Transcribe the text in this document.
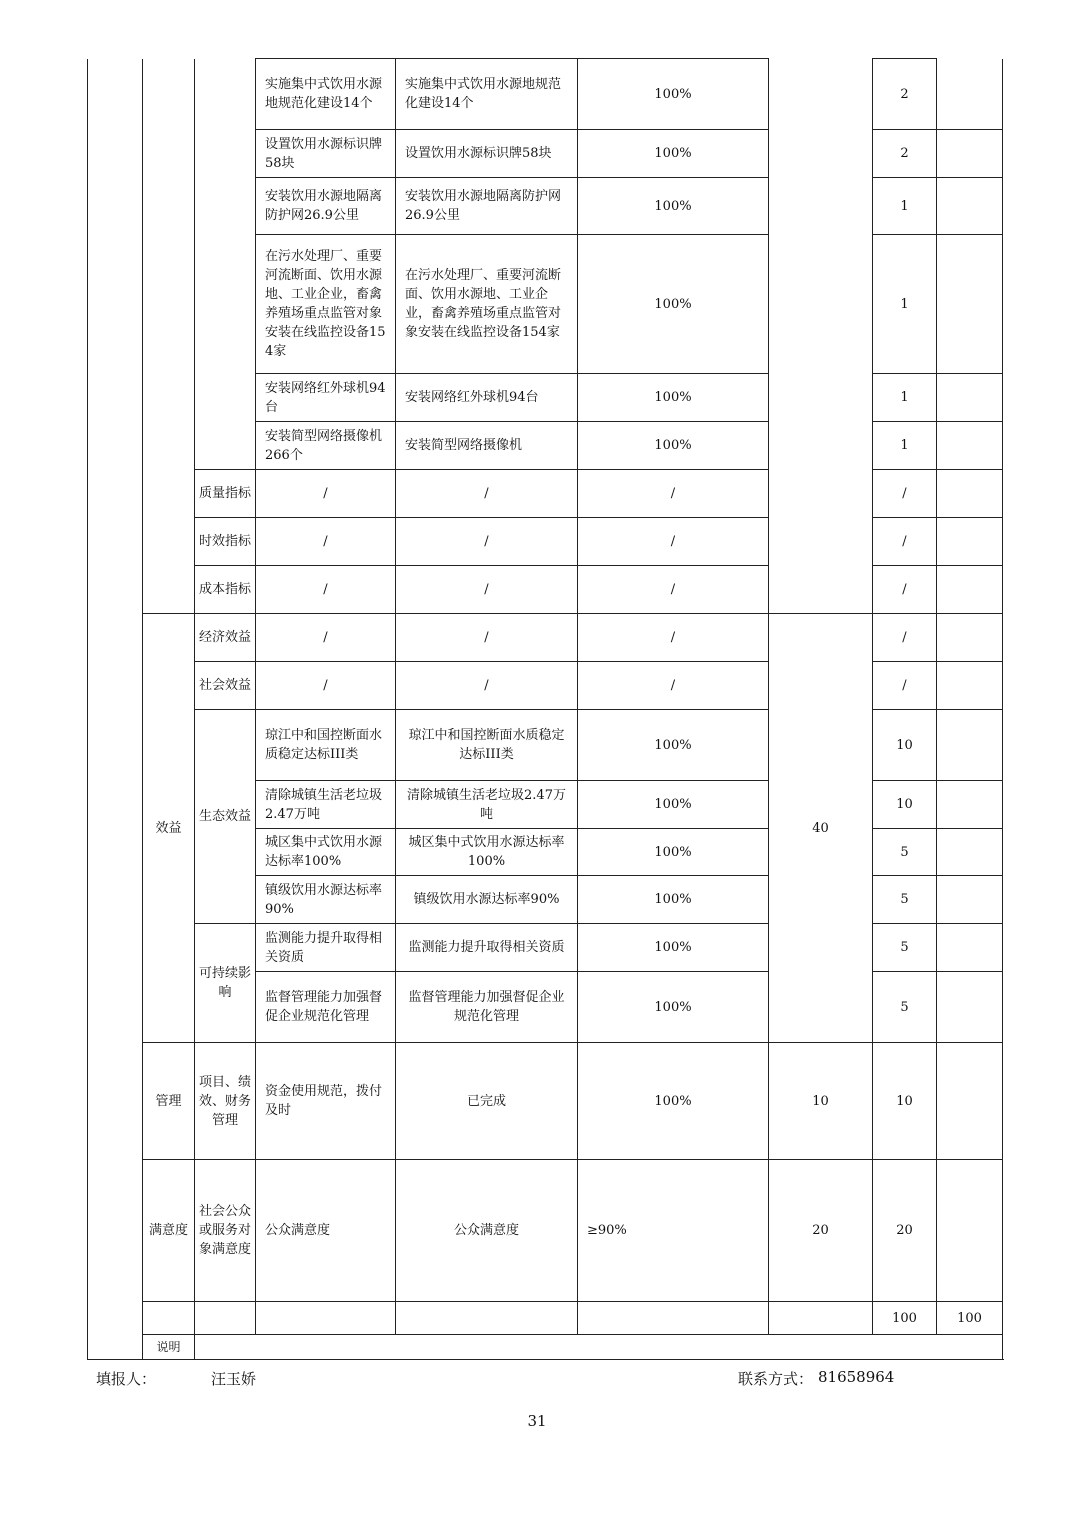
			实施集中式饮用水源地规范化建设14个	实施集中式饮用水源地规范化建设14个	100%		2		
			设置饮用水源标识牌58块	设置饮用水源标识牌58块	100%		2		
			安装饮用水源地隔离防护网26.9公里	安装饮用水源地隔离防护网26.9公里	100%		1		
			在污水处理厂、重要河流断面、饮用水源地、工业企业，畜禽养殖场重点监管对象安装在线监控设备154家	在污水处理厂、重要河流断面、饮用水源地、工业企业，畜禽养殖场重点监管对象安装在线监控设备154家	100%		1		
			安装网络红外球机94台	安装网络红外球机94台	100%		1		
			安装简型网络摄像机266个	安装简型网络摄像机	100%		1		
		质量指标	/	/	/		/		
		时效指标	/	/	/		/		
		成本指标	/	/	/		/		
	效益	经济效益	/	/	/	40	/		
		社会效益	/	/	/		/		
		生态效益	琼江中和国控断面水质稳定达标III类	琼江中和国控断面水质稳定达标III类	100%		10		
			清除城镇生活老垃圾2.47万吨	清除城镇生活老垃圾2.47万吨	100%		10		
			城区集中式饮用水源达标率100%	城区集中式饮用水源达标率100%	100%		5		
			镇级饮用水源达标率90%	镇级饮用水源达标率90%	100%		5		
		可持续影响	监测能力提升取得相关资质	监测能力提升取得相关资质	100%		5		
			监督管理能力加强督促企业规范化管理	监督管理能力加强督促企业规范化管理	100%		5		
	管理	项目、绩效、财务管理	资金使用规范，拨付及时	已完成	100%	10	10		
	满意度	社会公众或服务对象满意度	公众满意度	公众满意度	≥90%	20	20		
							100	100	
	说明								
填报人：	汪玉娇	联系方式： 81658964
31
